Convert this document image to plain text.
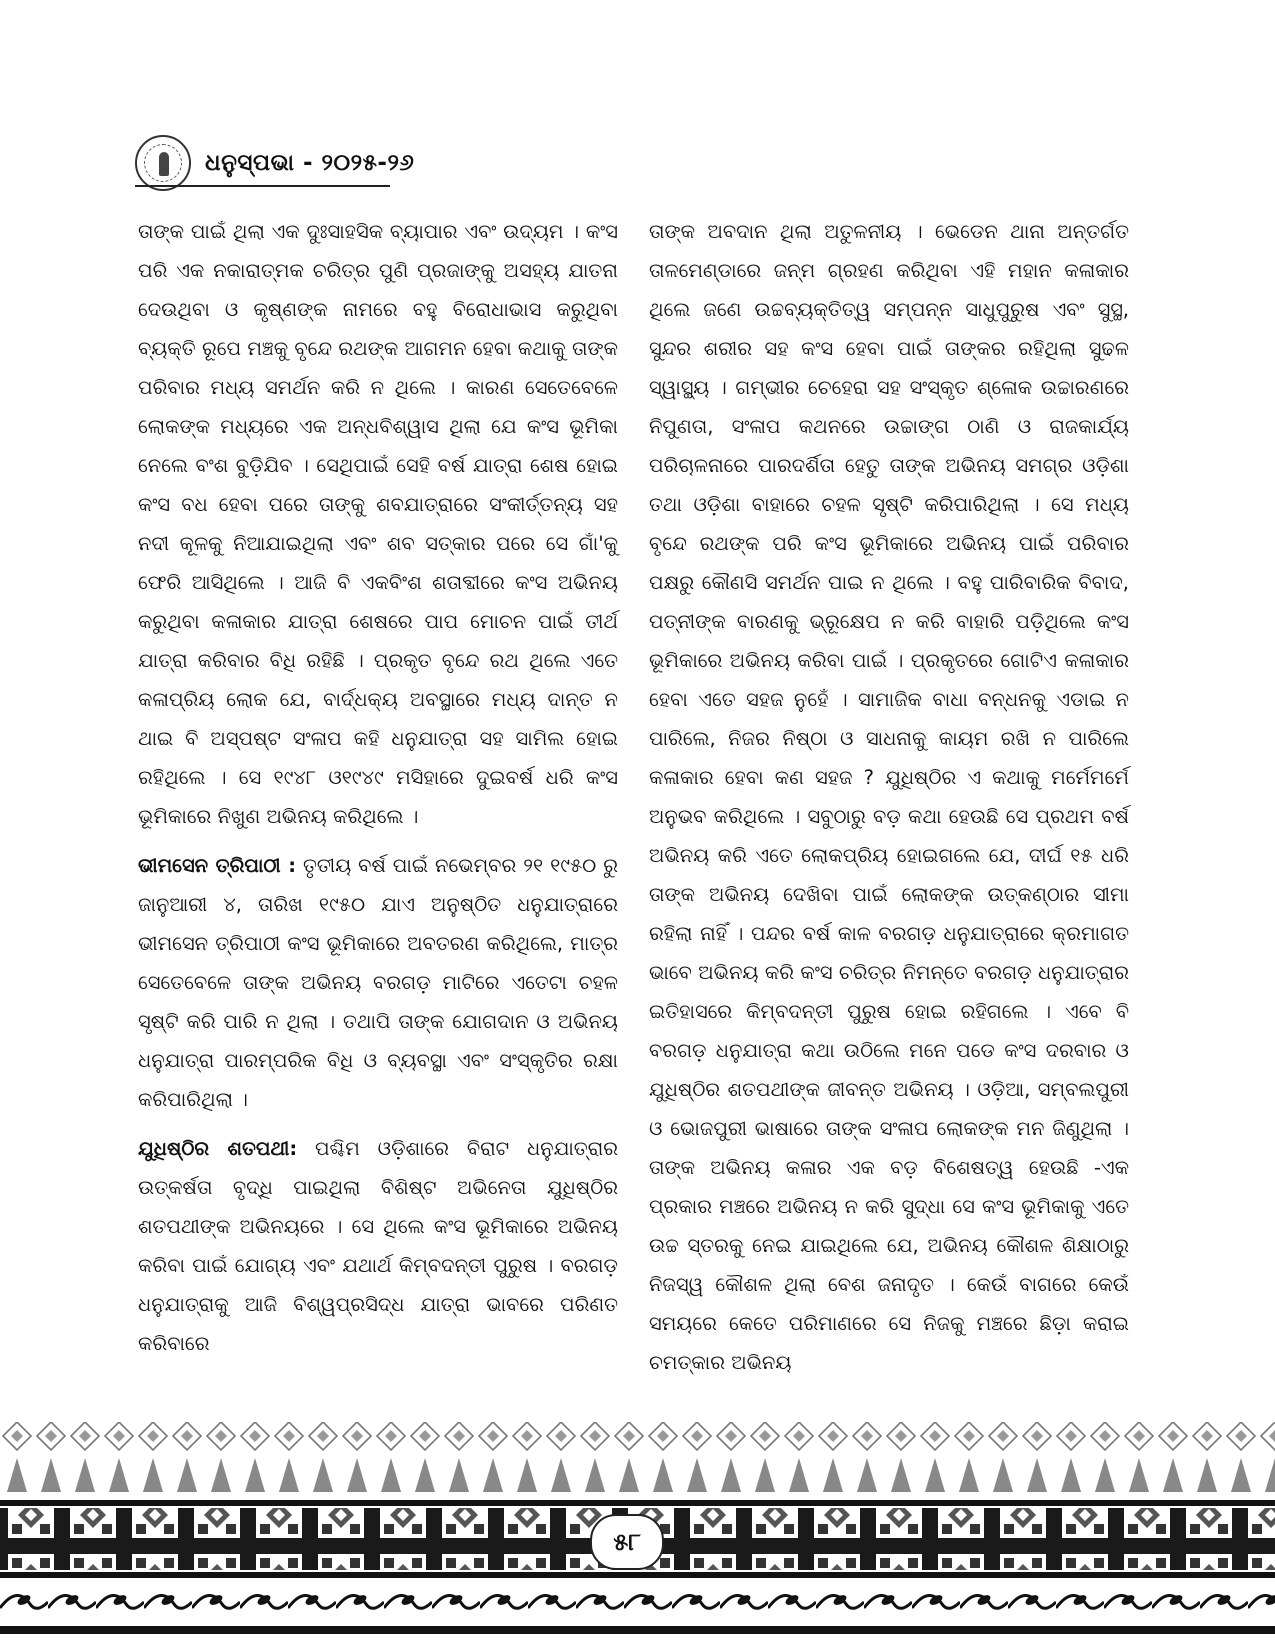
ଧନୁସ୍ପଭା - ୨୦୨୫-୨୬

ତାଙ୍କ ପାଇଁ ଥିଲା ଏକ ଦୁଃସାହସିକ ବ୍ୟାପାର ଏବଂ ଉଦ୍ୟମ । କଂସ ପରି ଏକ ନକାରାତ୍ମକ ଚରିତ୍ର ପୁଣି ପ୍ରଜାଙ୍କୁ ଅସହ୍ୟ ଯାତନା ଦେଉଥିବା ଓ କୃଷ୍ଣଙ୍କ ନାମରେ ବହୁ ବିରୋଧାଭାସ କରୁଥିବା ବ୍ୟକ୍ତି ରୂପେ ମଞ୍ଚକୁ ବୃନ୍ଦେ ରଥଙ୍କ ଆଗମନ ହେବା କଥାକୁ ତାଙ୍କ ପରିବାର ମଧ୍ୟ ସମର୍ଥନ କରି ନ ଥିଲେ । କାରଣ ସେତେବେଳେ ଲୋକଙ୍କ ମଧ୍ୟରେ ଏକ ଅନ୍ଧବିଶ୍ୱାସ ଥିଲା ଯେ କଂସ ଭୂମିକା ନେଲେ ବଂଶ ବୁଡ଼ିଯିବ । ସେଥିପାଇଁ ସେହି ବର୍ଷ ଯାତ୍ରା ଶେଷ ହୋଇ କଂସ ବଧ ହେବା ପରେ ତାଙ୍କୁ ଶବଯାତ୍ରାରେ ସଂକୀର୍ତ୍ତନ୍ୟ ସହ ନଦୀ କୂଳକୁ ନିଆଯାଇଥିଲା ଏବଂ ଶବ ସତ୍କାର ପରେ ସେ ଗାଁ'କୁ ଫେରି ଆସିଥିଲେ । ଆଜି ବି ଏକବିଂଶ ଶତାବ୍ଦୀରେ କଂସ ଅଭିନୟ କରୁଥିବା କଳାକାର ଯାତ୍ରା ଶେଷରେ ପାପ ମୋଚନ ପାଇଁ ତୀର୍ଥ ଯାତ୍ରା କରିବାର ବିଧି ରହିଛି । ପ୍ରକୃତ ବୃନ୍ଦେ ରଥ ଥିଲେ ଏତେ କଳାପ୍ରିୟ ଲୋକ ଯେ, ବାର୍ଦ୍ଧକ୍ୟ ଅବସ୍ଥାରେ ମଧ୍ୟ ଦାନ୍ତ ନ ଥାଇ ବି ଅସ୍ପଷ୍ଟ ସଂଳାପ କହି ଧନୁଯାତ୍ରା ସହ ସାମିଲ ହୋଇ ରହିଥିଲେ । ସେ ୧୯୪୮ ଓ୧୯୪୯ ମସିହାରେ ଦୁଇବର୍ଷ ଧରି କଂସ ଭୂମିକାରେ ନିଖୁଣ ଅଭିନୟ କରିଥିଲେ ।

ଭୀମସେନ ତ୍ରିପାଠୀ : ତୃତୀୟ ବର୍ଷ ପାଇଁ ନଭେମ୍ବର ୨୧ ୧୯୫୦ ରୁ ଜାନୁଆରୀ ୪, ତାରିଖ ୧୯୫୦ ଯାଏ ଅନୁଷ୍ଠିତ ଧନୁଯାତ୍ରାରେ ଭୀମସେନ ତ୍ରିପାଠୀ କଂସ ଭୂମିକାରେ ଅବତରଣ କରିଥିଲେ, ମାତ୍ର ସେତେବେଳେ ତାଙ୍କ ଅଭିନୟ ବରଗଡ଼ ମାଟିରେ ଏତେଟା ଚହଳ ସୃଷ୍ଟି କରି ପାରି ନ ଥିଲା । ତଥାପି ତାଙ୍କ ଯୋଗଦାନ ଓ ଅଭିନୟ ଧନୁଯାତ୍ରା ପାରମ୍ପରିକ ବିଧି ଓ ବ୍ୟବସ୍ଥା ଏବଂ ସଂସ୍କୃତିର ରକ୍ଷା କରିପାରିଥିଲା ।

ଯୁଧିଷ୍ଠିର ଶତପଥୀ: ପଶ୍ଚିମ ଓଡ଼ିଶାରେ ବିରାଟ ଧନୁଯାତ୍ରାର ଉତ୍କର୍ଷତା ବୃଦ୍ଧି ପାଇଥିଲା ବିଶିଷ୍ଟ ଅଭିନେତା ଯୁଧିଷ୍ଠିର ଶତପଥୀଙ୍କ ଅଭିନୟରେ । ସେ ଥିଲେ କଂସ ଭୂମିକାରେ ଅଭିନୟ କରିବା ପାଇଁ ଯୋଗ୍ୟ ଏବଂ ଯଥାର୍ଥ କିମ୍ବଦନ୍ତୀ ପୁରୁଷ । ବରଗଡ଼ ଧନୁଯାତ୍ରାକୁ ଆଜି ବିଶ୍ୱପ୍ରସିଦ୍ଧ ଯାତ୍ରା ଭାବରେ ପରିଣତ କରିବାରେ

ତାଙ୍କ ଅବଦାନ ଥିଲା ଅତୁଳନୀୟ । ଭେଡେନ ଥାନା ଅନ୍ତର୍ଗତ ତାଳମେଣ୍ଡାରେ ଜନ୍ମ ଗ୍ରହଣ କରିଥିବା ଏହି ମହାନ କଳାକାର ଥିଲେ ଜଣେ ଉଚ୍ଚବ୍ୟକ୍ତିତ୍ୱ ସମ୍ପନ୍ନ ସାଧୁପୁରୁଷ ଏବଂ ସୁସ୍ଥ, ସୁନ୍ଦର ଶରୀର ସହ କଂସ ହେବା ପାଇଁ ତାଙ୍କର ରହିଥିଲା ସୁଢଳ ସ୍ୱାସ୍ଥ୍ୟ । ଗମ୍ଭୀର ଚେହେରା ସହ ସଂସ୍କୃତ ଶ୍ଳୋକ ଉଚ୍ଚାରଣରେ ନିପୁଣତା, ସଂଳାପ କଥନରେ ଉଚ୍ଚାଙ୍ଗ ଠାଣି ଓ ରାଜକାର୍ଯ୍ୟ ପରିଚାଳନାରେ ପାରଦର୍ଶିତା ହେତୁ ତାଙ୍କ ଅଭିନୟ ସମଗ୍ର ଓଡ଼ିଶା ତଥା ଓଡ଼ିଶା ବାହାରେ ଚହଳ ସୃଷ୍ଟି କରିପାରିଥିଲା । ସେ ମଧ୍ୟ ବୃନ୍ଦେ ରଥଙ୍କ ପରି କଂସ ଭୂମିକାରେ ଅଭିନୟ ପାଇଁ ପରିବାର ପକ୍ଷରୁ କୌଣସି ସମର୍ଥନ ପାଇ ନ ଥିଲେ । ବହୁ ପାରିବାରିକ ବିବାଦ, ପତ୍ନୀଙ୍କ ବାରଣକୁ ଭ୍ରୂକ୍ଷେପ ନ କରି ବାହାରି ପଡ଼ିଥିଲେ କଂସ ଭୂମିକାରେ ଅଭିନୟ କରିବା ପାଇଁ । ପ୍ରକୃତରେ ଗୋଟିଏ କଳାକାର ହେବା ଏତେ ସହଜ ନୁହେଁ । ସାମାଜିକ ବାଧା ବନ୍ଧନକୁ ଏଡାଇ ନ ପାରିଲେ, ନିଜର ନିଷ୍ଠା ଓ ସାଧନାକୁ କାୟମ ରଖି ନ ପାରିଲେ କଳାକାର ହେବା କଣ ସହଜ ? ଯୁଧିଷ୍ଠିର ଏ କଥାକୁ ମର୍ମେମର୍ମେ ଅନୁଭବ କରିଥିଲେ । ସବୁଠାରୁ ବଡ଼ କଥା ହେଉଛି ସେ ପ୍ରଥମ ବର୍ଷ ଅଭିନୟ କରି ଏତେ ଲୋକପ୍ରିୟ ହୋଇଗଲେ ଯେ, ଦୀର୍ଘ ୧୫ ଧରି ତାଙ୍କ ଅଭିନୟ ଦେଖିବା ପାଇଁ ଲୋକଙ୍କ ଉତ୍କଣ୍ଠାର ସୀମା ରହିଲା ନାହିଁ । ପନ୍ଦର ବର୍ଷ କାଳ ବରଗଡ଼ ଧନୁଯାତ୍ରାରେ କ୍ରମାଗତ ଭାବେ ଅଭିନୟ କରି କଂସ ଚରିତ୍ର ନିମନ୍ତେ ବରଗଡ଼ ଧନୁଯାତ୍ରାର ଇତିହାସରେ କିମ୍ବଦନ୍ତୀ ପୁରୁଷ ହୋଇ ରହିଗଲେ । ଏବେ ବି ବରଗଡ଼ ଧନୁଯାତ୍ରା କଥା ଉଠିଲେ ମନେ ପଡେ କଂସ ଦରବାର ଓ ଯୁଧିଷ୍ଠିର ଶତପଥୀଙ୍କ ଜୀବନ୍ତ ଅଭିନୟ । ଓଡ଼ିଆ, ସମ୍ବଲପୁରୀ ଓ ଭୋଜପୁରୀ ଭାଷାରେ ତାଙ୍କ ସଂଳାପ ଲୋକଙ୍କ ମନ ଜିଣୁଥିଲା । ତାଙ୍କ ଅଭିନୟ କଳାର ଏକ ବଡ଼ ବିଶେଷତ୍ୱ ହେଉଛି -ଏକ ପ୍ରକାର ମଞ୍ଚରେ ଅଭିନୟ ନ କରି ସୁଦ୍ଧା ସେ କଂସ ଭୂମିକାକୁ ଏତେ ଉଚ୍ଚ ସ୍ତରକୁ ନେଇ ଯାଇଥିଲେ ଯେ, ଅଭିନୟ କୌଶଳ ଶିକ୍ଷାଠାରୁ ନିଜସ୍ୱ କୌଶଳ ଥିଲା ବେଶ ଜନାଦୃତ । କେଉଁ ବାଗରେ କେଉଁ ସମୟରେ କେତେ ପରିମାଣରେ ସେ ନିଜକୁ ମଞ୍ଚରେ ଛିଡ଼ା କରାଇ ଚମତ୍କାର ଅଭିନୟ

୫୮
